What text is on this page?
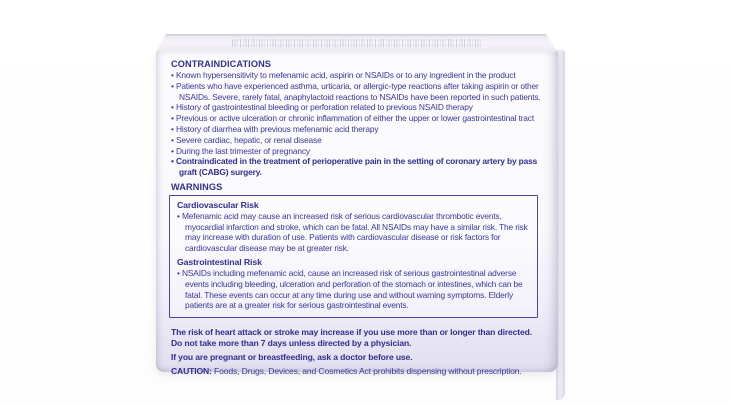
CONTRAINDICATIONS

• Known hypersensitivity to mefenamic acid, aspirin or NSAIDs or to any ingredient in the product
• Patients who have experienced asthma, urticaria, or allergic-type reactions after taking aspirin or other NSAIDs. Severe, rarely fatal, anaphylactoid reactions to NSAIDs have been reported in such patients.
• History of gastrointestinal bleeding or perforation related to previous NSAID therapy
• Previous or active ulceration or chronic inflammation of either the upper or lower gastrointestinal tract
• History of diarrhea with previous mefenamic acid therapy
• Severe cardiac, hepatic, or renal disease
• During the last trimester of pregnancy
• Contraindicated in the treatment of perioperative pain in the setting of coronary artery by pass graft (CABG) surgery.

WARNINGS

Cardiovascular Risk

• Mefenamic acid may cause an increased risk of serious cardiovascular thrombotic events, myocardial infarction and stroke, which can be fatal. All NSAIDs may have a similar risk. The risk may increase with duration of use. Patients with cardiovascular disease or risk factors for cardiovascular disease may be at greater risk.

Gastrointestinal Risk

• NSAIDs including mefenamic acid, cause an increased risk of serious gastrointestinal adverse events including bleeding, ulceration and perforation of the stomach or intestines, which can be fatal. These events can occur at any time during use and without warning symptoms. Elderly patients are at a greater risk for serious gastrointestinal events.

The risk of heart attack or stroke may increase if you use more than or longer than directed. Do not take more than 7 days unless directed by a physician.

If you are pregnant or breastfeeding, ask a doctor before use.

CAUTION: Foods, Drugs, Devices, and Cosmetics Act prohibits dispensing without prescription.
